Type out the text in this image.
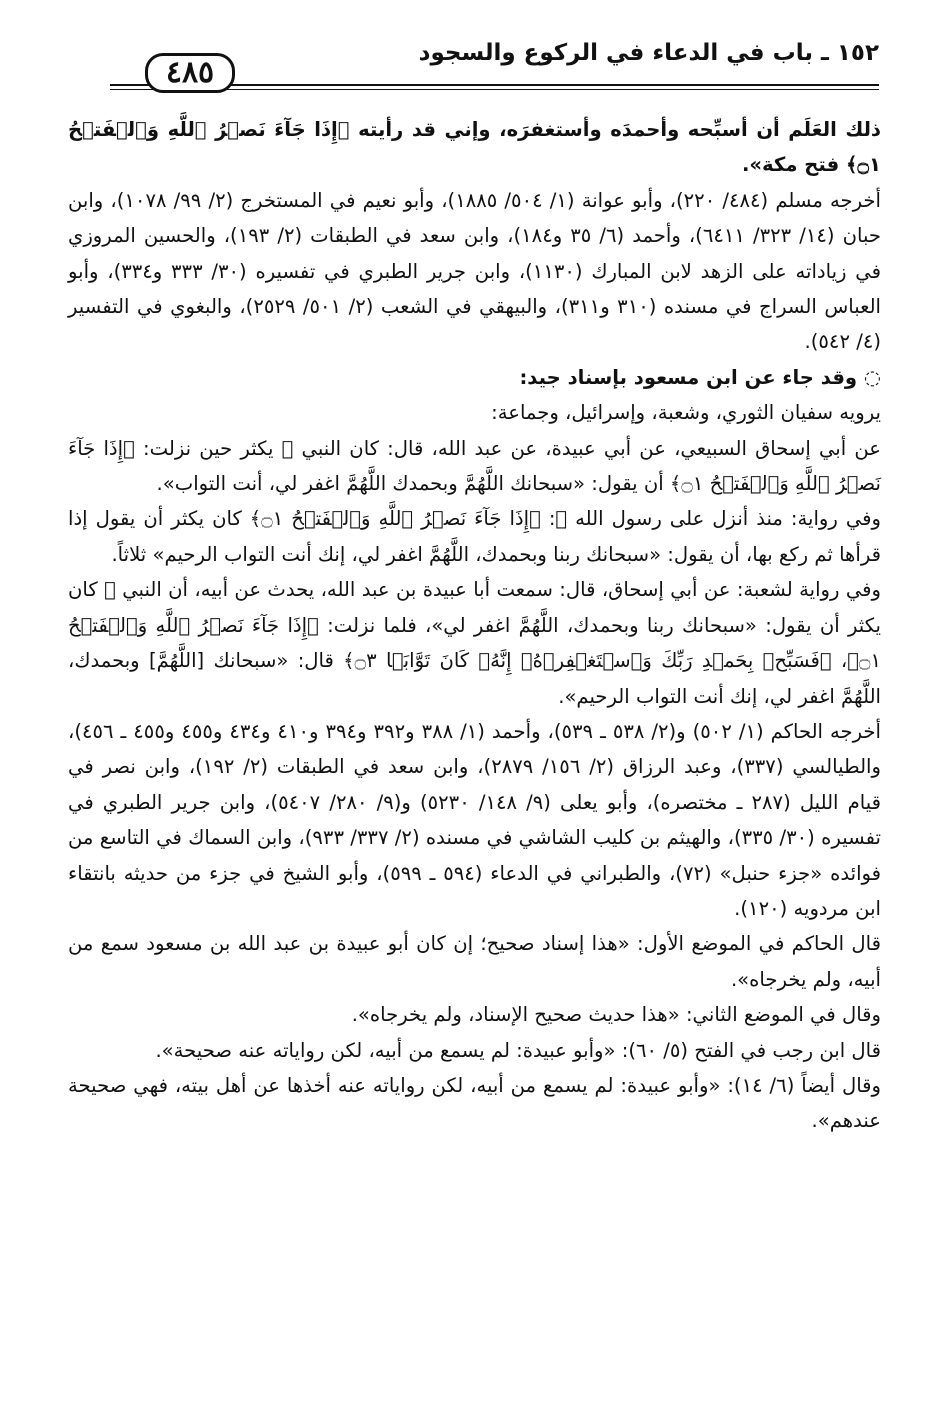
٤٨٥
١٥٢ ـ باب في الدعاء في الركوع والسجود

ذلك العَلَم أن أسبِّحه وأحمدَه وأستغفرَه، وإني قد رأيته ﴿إِذَا جَآءَ نَصۡرُ ٱللَّهِ وَٱلۡفَتۡحُ ۝١﴾ فتح مكة».

أخرجه مسلم (٤٨٤/ ٢٢٠)، وأبو عوانة (١/ ٥٠٤/ ١٨٨٥)، وأبو نعيم في المستخرج (٢/ ٩٩/ ١٠٧٨)، وابن حبان (١٤/ ٣٢٣/ ٦٤١١)، وأحمد (٦/ ٣٥ و١٨٤)، وابن سعد في الطبقات (٢/ ١٩٣)، والحسين المروزي في زياداته على الزهد لابن المبارك (١١٣٠)، وابن جرير الطبري في تفسيره (٣٠/ ٣٣٣ و٣٣٤)، وأبو العباس السراج في مسنده (٣١٠ و٣١١)، والبيهقي في الشعب (٢/ ٥٠١/ ٢٥٢٩)، والبغوي في التفسير (٤/ ٥٤٢).

◌ وقد جاء عن ابن مسعود بإسناد جيد:

يرويه سفيان الثوري، وشعبة، وإسرائيل، وجماعة:

عن أبي إسحاق السبيعي، عن أبي عبيدة، عن عبد الله، قال: كان النبي ﷺ يكثر حين نزلت: ﴿إِذَا جَآءَ نَصۡرُ ٱللَّهِ وَٱلۡفَتۡحُ ۝١﴾ أن يقول: «سبحانك اللَّهُمَّ وبحمدك اللَّهُمَّ اغفر لي، أنت التواب».

وفي رواية: منذ أنزل على رسول الله ﷺ: ﴿إِذَا جَآءَ نَصۡرُ ٱللَّهِ وَٱلۡفَتۡحُ ۝١﴾ كان يكثر أن يقول إذا قرأها ثم ركع بها، أن يقول: «سبحانك ربنا وبحمدك، اللَّهُمَّ اغفر لي، إنك أنت التواب الرحيم» ثلاثاً.

وفي رواية لشعبة: عن أبي إسحاق، قال: سمعت أبا عبيدة بن عبد الله، يحدث عن أبيه، أن النبي ﷺ كان يكثر أن يقول: «سبحانك ربنا وبحمدك، اللَّهُمَّ اغفر لي»، فلما نزلت: ﴿إِذَا جَآءَ نَصۡرُ ٱللَّهِ وَٱلۡفَتۡحُ ۝١﴾، ﴿فَسَبِّحۡ بِحَمۡدِ رَبِّكَ وَٱسۡتَغۡفِرۡهُۚ إِنَّهُۥ كَانَ تَوَّابَۢا ۝٣﴾ قال: «سبحانك [اللَّهُمَّ] وبحمدك، اللَّهُمَّ اغفر لي، إنك أنت التواب الرحيم».

أخرجه الحاكم (١/ ٥٠٢) و(٢/ ٥٣٨ ـ ٥٣٩)، وأحمد (١/ ٣٨٨ و٣٩٢ و٣٩٤ و٤١٠ و٤٣٤ و٤٥٥ و٤٥٥ ـ ٤٥٦)، والطيالسي (٣٣٧)، وعبد الرزاق (٢/ ١٥٦/ ٢٨٧٩)، وابن سعد في الطبقات (٢/ ١٩٢)، وابن نصر في قيام الليل (٢٨٧ ـ مختصره)، وأبو يعلى (٩/ ١٤٨/ ٥٢٣٠) و(٩/ ٢٨٠/ ٥٤٠٧)، وابن جرير الطبري في تفسيره (٣٠/ ٣٣٥)، والهيثم بن كليب الشاشي في مسنده (٢/ ٣٣٧/ ٩٣٣)، وابن السماك في التاسع من فوائده «جزء حنبل» (٧٢)، والطبراني في الدعاء (٥٩٤ ـ ٥٩٩)، وأبو الشيخ في جزء من حديثه بانتقاء ابن مردويه (١٢٠).

قال الحاكم في الموضع الأول: «هذا إسناد صحيح؛ إن كان أبو عبيدة بن عبد الله بن مسعود سمع من أبيه، ولم يخرجاه».

وقال في الموضع الثاني: «هذا حديث صحيح الإسناد، ولم يخرجاه».

قال ابن رجب في الفتح (٥/ ٦٠): «وأبو عبيدة: لم يسمع من أبيه، لكن رواياته عنه صحيحة».

وقال أيضاً (٦/ ١٤): «وأبو عبيدة: لم يسمع من أبيه، لكن رواياته عنه أخذها عن أهل بيته، فهي صحيحة عندهم».
